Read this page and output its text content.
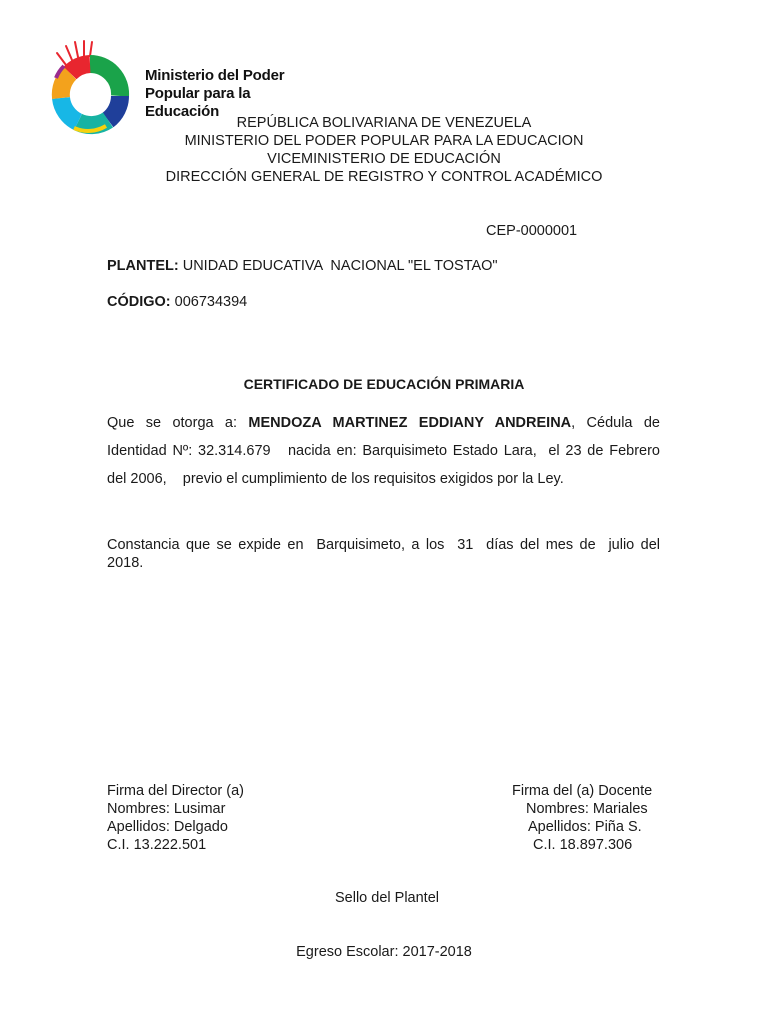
Ministerio del Poder
Popular para la
Educación
REPÚBLICA BOLIVARIANA DE VENEZUELA
MINISTERIO DEL PODER POPULAR PARA LA EDUCACION
VICEMINISTERIO DE EDUCACIÓN
DIRECCIÓN GENERAL DE REGISTRO Y CONTROL ACADÉMICO
CEP-0000001
PLANTEL: UNIDAD EDUCATIVA  NACIONAL "EL TOSTAO"
CÓDIGO: 006734394
CERTIFICADO DE EDUCACIÓN PRIMARIA
Que se otorga a: MENDOZA MARTINEZ EDDIANY ANDREINA, Cédula de
Identidad Nº: 32.314.679   nacida en: Barquisimeto Estado Lara,  el 23 de Febrero
del 2006,    previo el cumplimiento de los requisitos exigidos por la Ley.
Constancia que se expide en  Barquisimeto, a los  31  días del mes de  julio del
2018.
Firma del Director (a)
Nombres: Lusimar
Apellidos: Delgado
C.I. 13.222.501
Firma del (a) Docente
Nombres: Mariales
Apellidos: Piña S.
C.I. 18.897.306
Sello del Plantel
Egreso Escolar: 2017-2018
